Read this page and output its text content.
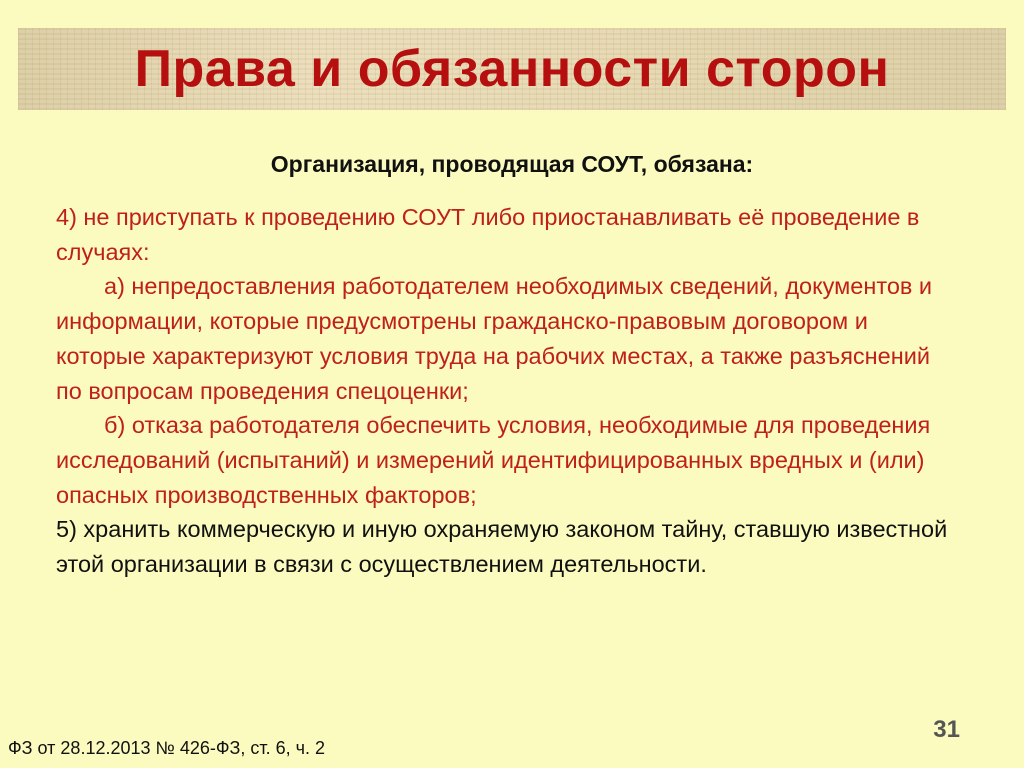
Права и обязанности сторон
Организация, проводящая СОУТ, обязана:

4) не приступать к проведению СОУТ либо приостанавливать её проведение в случаях:

а) непредоставления работодателем необходимых сведений, документов и информации, которые предусмотрены гражданско-правовым договором и которые характеризуют условия труда на рабочих местах, а также разъяснений по вопросам проведения спецоценки;

б) отказа работодателя обеспечить условия, необходимые для проведения исследований (испытаний) и измерений идентифицированных вредных и (или) опасных производственных факторов;

5) хранить коммерческую и иную охраняемую законом тайну, ставшую известной этой организации в связи с осуществлением деятельности.

31
ФЗ от 28.12.2013 № 426-ФЗ, ст. 6, ч. 2
